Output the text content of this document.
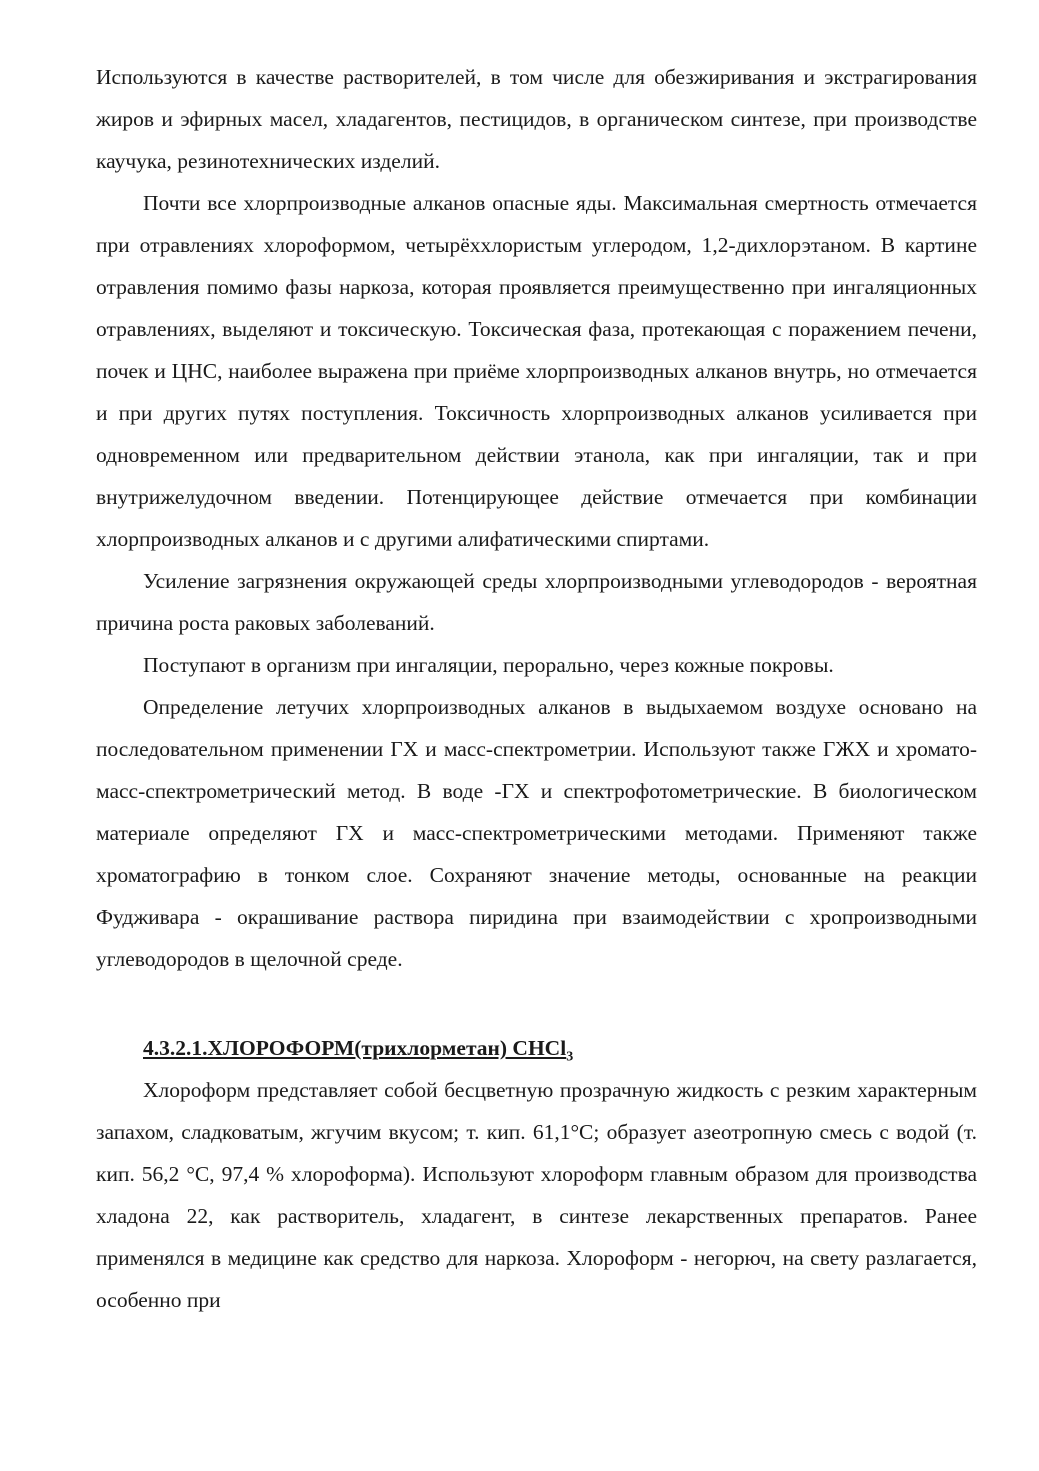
Используются в качестве растворителей, в том числе для обезжиривания и экстрагирования жиров и эфирных масел, хладагентов, пестицидов, в органическом синтезе, при производстве каучука, резинотехнических изделий.

Почти все хлорпроизводные алканов опасные яды. Максимальная смертность отмечается при отравлениях хлороформом, четырёххлористым углеродом, 1,2-дихлорэтаном. В картине отравления помимо фазы наркоза, которая проявляется преимущественно при ингаляционных отравлениях, выделяют и токсическую. Токсическая фаза, протекающая с поражением печени, почек и ЦНС, наиболее выражена при приёме хлорпроизводных алканов внутрь, но отмечается и при других путях поступления. Токсичность хлорпроизводных алканов усиливается при одновременном или предварительном действии этанола, как при ингаляции, так и при внутрижелудочном введении. Потенцирующее действие отмечается при комбинации хлорпроизводных алканов и с другими алифатическими спиртами.

Усиление загрязнения окружающей среды хлорпроизводными углеводородов - вероятная причина роста раковых заболеваний.

Поступают в организм при ингаляции, перорально, через кожные покровы.

Определение летучих хлорпроизводных алканов в выдыхаемом воздухе основано на последовательном применении ГХ и масс-спектрометрии. Используют также ГЖХ и хромато-масс-спектрометрический метод. В воде -ГХ и спектрофотометрические. В биологическом материале определяют ГХ и масс-спектрометрическими методами. Применяют также хроматографию в тонком слое. Сохраняют значение методы, основанные на реакции Фудживара - окрашивание раствора пиридина при взаимодействии с хропроизводными углеводородов в щелочной среде.

4.3.2.1.ХЛОРОФОРМ(трихлорметан) CHCl$_3$

Хлороформ представляет собой бесцветную прозрачную жидкость с резким характерным запахом, сладковатым, жгучим вкусом; т. кип. 61,1°С; образует азеотропную смесь с водой (т. кип. 56,2 °С, 97,4 % хлороформа). Используют хлороформ главным образом для производства хладона 22, как растворитель, хладагент, в синтезе лекарственных препаратов. Ранее применялся в медицине как средство для наркоза. Хлороформ - негорюч, на свету разлагается, особенно при
